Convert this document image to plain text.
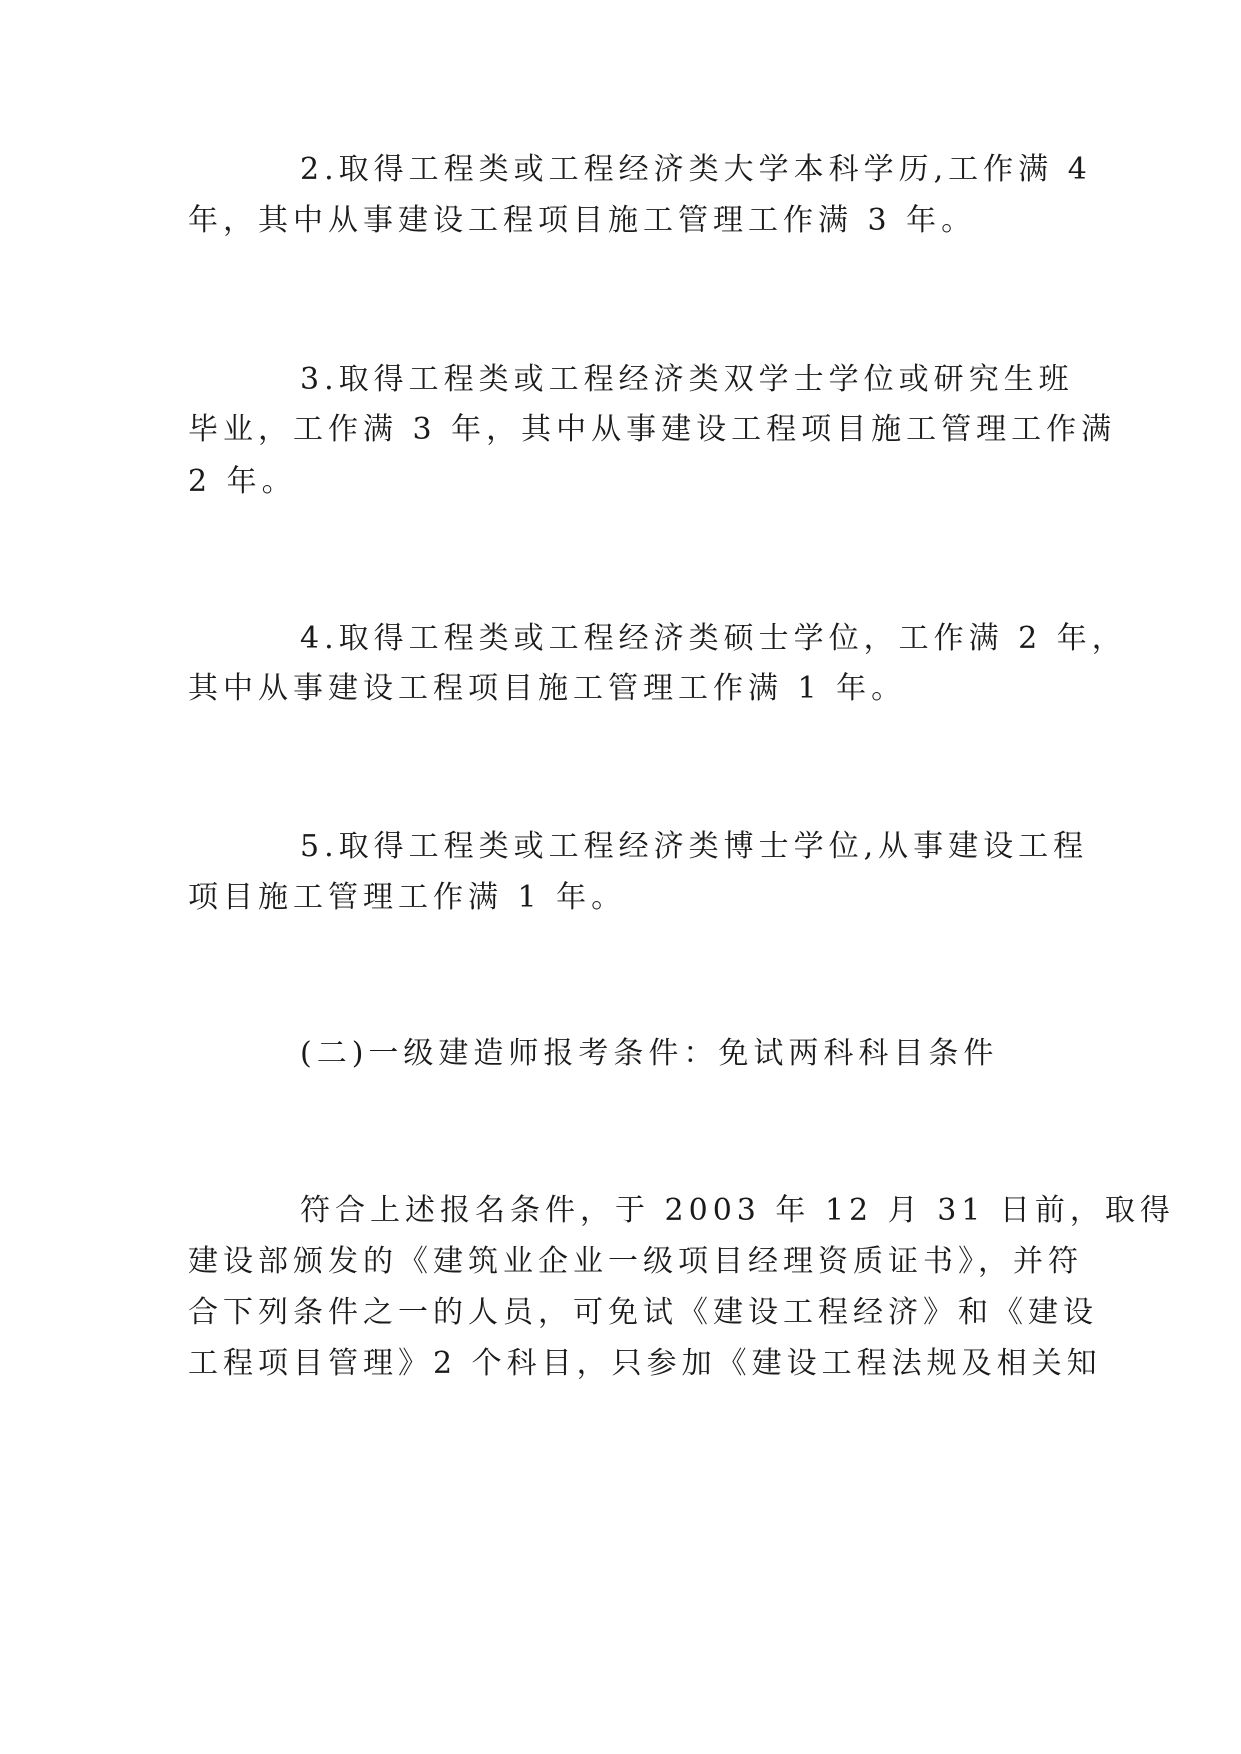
2.取得工程类或工程经济类大学本科学历,工作满 4

年，其中从事建设工程项目施工管理工作满 3 年。

3.取得工程类或工程经济类双学士学位或研究生班

毕业，工作满 3 年，其中从事建设工程项目施工管理工作满

2 年。

4.取得工程类或工程经济类硕士学位，工作满 2 年，

其中从事建设工程项目施工管理工作满 1 年。

5.取得工程类或工程经济类博士学位,从事建设工程

项目施工管理工作满 1 年。

(二)一级建造师报考条件：免试两科科目条件

符合上述报名条件，于 2003 年 12 月 31 日前，取得

建设部颁发的《建筑业企业一级项目经理资质证书》，并符

合下列条件之一的人员，可免试《建设工程经济》和《建设

工程项目管理》2 个科目，只参加《建设工程法规及相关知
